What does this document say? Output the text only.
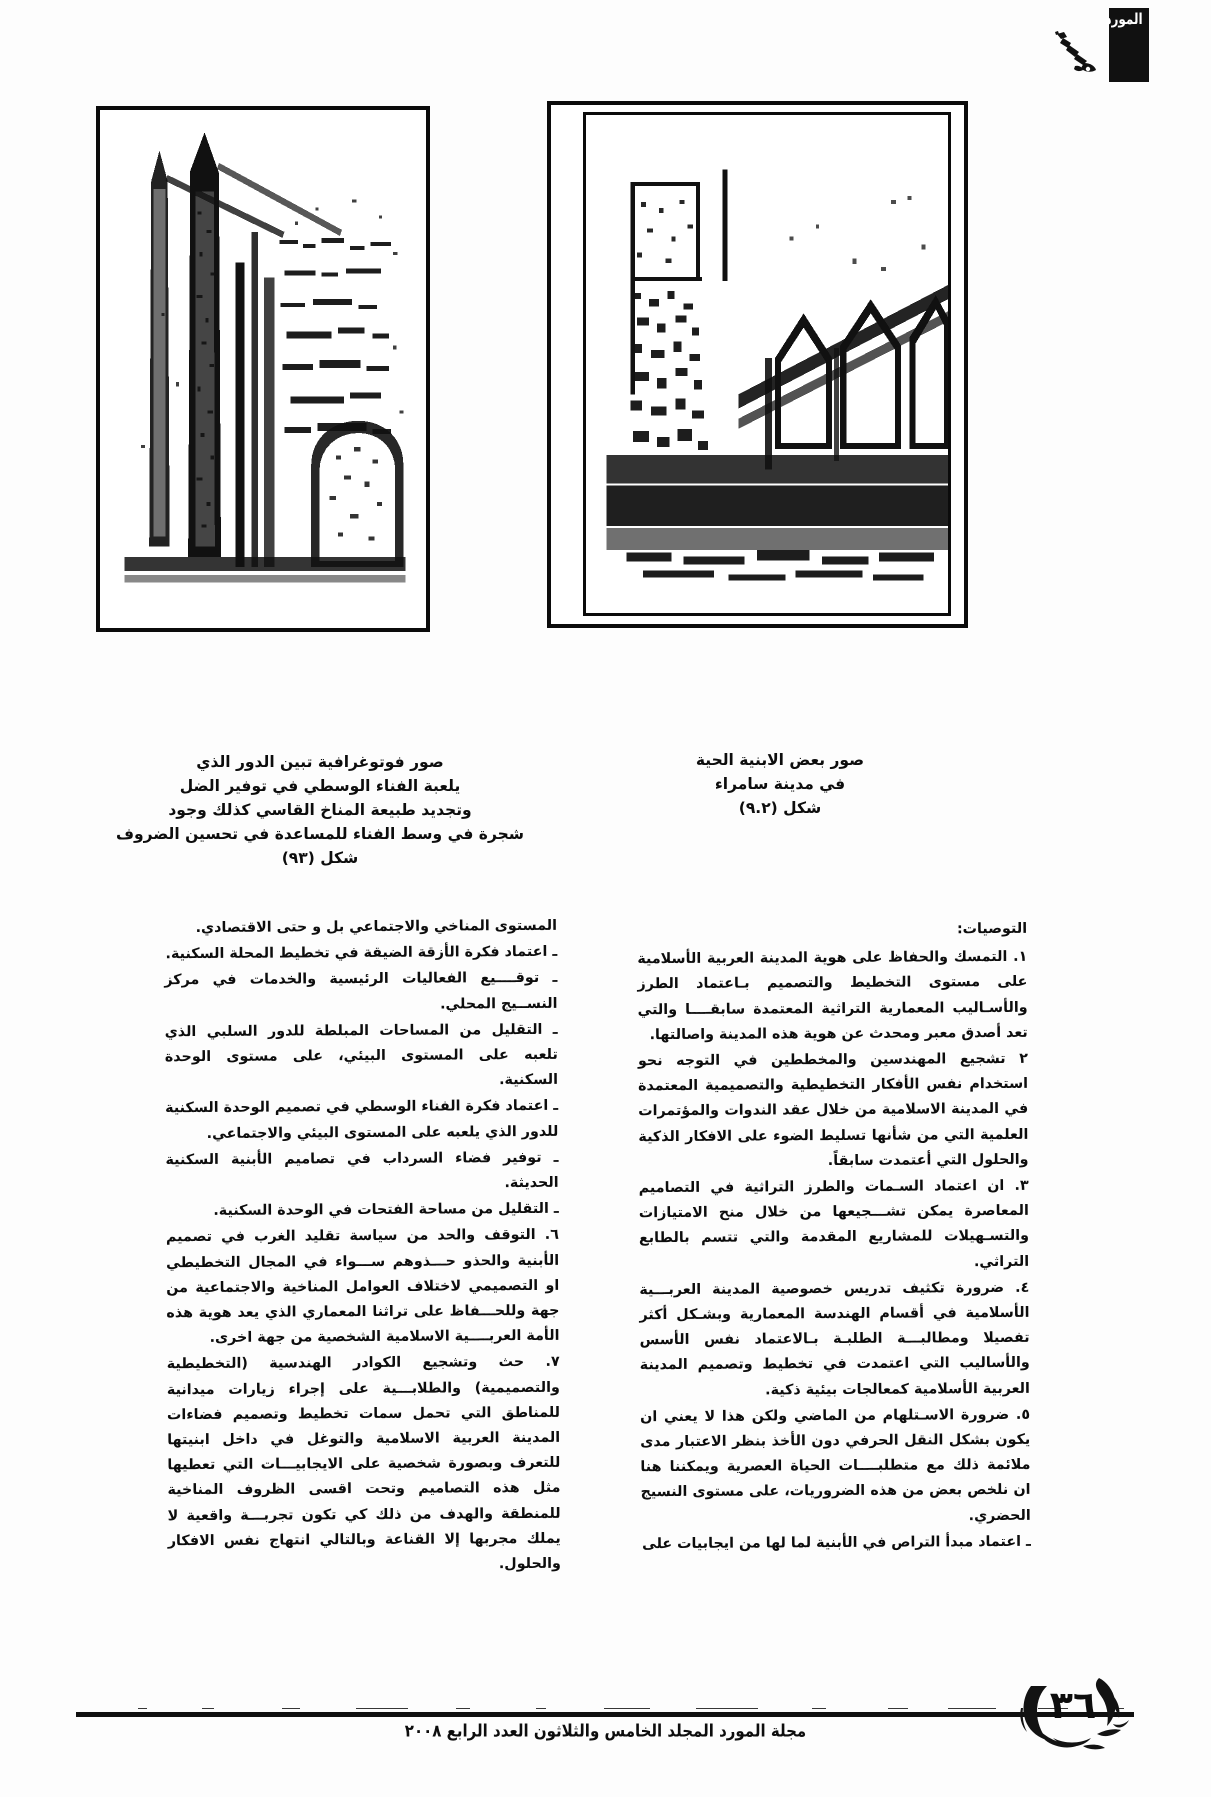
المورد
صور فوتوغرافية تبين الدور الذي
يلعبة الفناء الوسطي في توفير الضل
وتجديد طبيعة المناخ القاسي كذلك وجود
شجرة في وسط الفناء للمساعدة في تحسين الضروف
شكل (٩٣)
صور بعض الابنية الحية
في مدينة سامراء
شكل (٩.٢)

التوصيات:

١. التمسك والحفاظ على هوية المدينة العربية الأسلامية على مستوى التخطيط والتصميم بـاعتماد الطرز والأسـاليب المعمارية التراثية المعتمدة سابقــــا والتي تعد أصدق معبر ومحدث عن هوية هذه المدينة واصالتها.

٢ تشجيع المهندسين والمخططين في التوجه نحو استخدام نفس الأفكار التخطيطية والتصميمية المعتمدة في المدينة الاسلامية من خلال عقد الندوات والمؤتمرات العلمية التي من شأنها تسليط الضوء على الافكار الذكية والحلول التي أعتمدت سابقاً.

٣. ان اعتماد السـمات والطرز التراثية في التصاميم المعاصرة يمكن تشـــجيعها من خلال منح الامتيازات والتسـهيلات للمشاريع المقدمة والتي تتسم بالطابع التراثي.

٤. ضرورة تكثيف تدريس خصوصية المدينة العربـــية الأسلامية في أقسام الهندسة المعمارية وبشـكل أكثر تفصيلا ومطالبـــة الطلبـة بـالاعتماد نفس الأسس والأساليب التي اعتمدت في تخطيط وتصميم المدينة العربية الأسلامية كمعالجات بيئية ذكية.

٥. ضرورة الاسـتلهام من الماضي ولكن هذا لا يعني ان يكون بشكل النقل الحرفي دون الأخذ بنظر الاعتبار مدى ملائمة ذلك مع متطلبــــات الحياة العصرية ويمكننا هنا ان نلخص بعض من هذه الضروريات، على مستوى النسيج الحضري.

ـ اعتماد مبدأ التراص في الأبنية لما لها من ايجابيات على

المستوى المناخي والاجتماعي بل و حتى الاقتصادي.

ـ اعتماد فكرة الأزقة الضيقة في تخطيط المحلة السكنية.

ـ توقــــيع الفعاليات الرئيسية والخدمات في مركز النســيج المحلي.

ـ التقليل من المساحات المبلطة للدور السلبي الذي تلعبه على المستوى البيئي، على مستوى الوحدة السكنية.

ـ اعتماد فكرة الفناء الوسطي في تصميم الوحدة السكنية للدور الذي يلعبه على المستوى البيئي والاجتماعي.

ـ توفير فضاء السرداب في تصاميم الأبنية السكنية الحديثة.

ـ التقليل من مساحة الفتحات في الوحدة السكنية.

٦. التوقف والحد من سياسة تقليد الغرب في تصميم الأبنية والحذو حـــذوهم ســـواء في المجال التخطيطي او التصميمي لاختلاف العوامل المناخية والاجتماعية من جهة وللحـــفاظ على تراثنا المعماري الذي يعد هوية هذه الأمة العربــــية الاسلامية الشخصية من جهة اخرى.

٧. حث وتشجيع الكوادر الهندسية (التخطيطية والتصميمية) والطلابـــية على إجراء زيارات ميدانية للمناطق التي تحمل سمات تخطيط وتصميم فضاءات المدينة العربية الاسلامية والتوغل في داخل ابنيتها للتعرف وبصورة شخصية على الايجابيـــات التي تعطيها مثل هذه التصاميم وتحت اقسى الظروف المناخية للمنطقة والهدف من ذلك كي تكون تجربـــة واقعية لا يملك مجربها إلا القناعة وبالتالي انتهاج نفس الافكار والحلول.

مجلة المورد المجلد الخامس والثلاثون العدد الرابع ٢٠٠٨
٣٦
